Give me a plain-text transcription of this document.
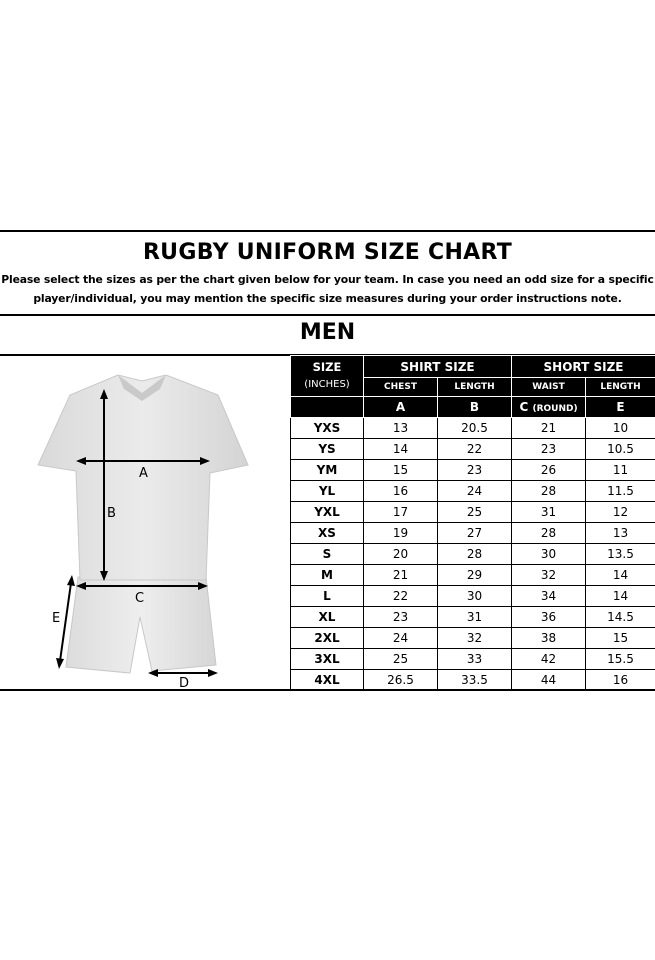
RUGBY UNIFORM SIZE CHART
Please select the sizes as per the chart given below for your team. In case you need an odd size for a specific
player/individual, you may mention the specific size measures during your order instructions note.
MEN
A
B
C
D
E
SIZE
(INCHES)	SHIRT SIZE		SHORT SIZE	
	CHEST	LENGTH	WAIST	LENGTH
	A	B	C (ROUND)	E
YXS	13	20.5	21	10
YS	14	22	23	10.5
YM	15	23	26	11
YL	16	24	28	11.5
YXL	17	25	31	12
XS	19	27	28	13
S	20	28	30	13.5
M	21	29	32	14
L	22	30	34	14
XL	23	31	36	14.5
2XL	24	32	38	15
3XL	25	33	42	15.5
4XL	26.5	33.5	44	16
